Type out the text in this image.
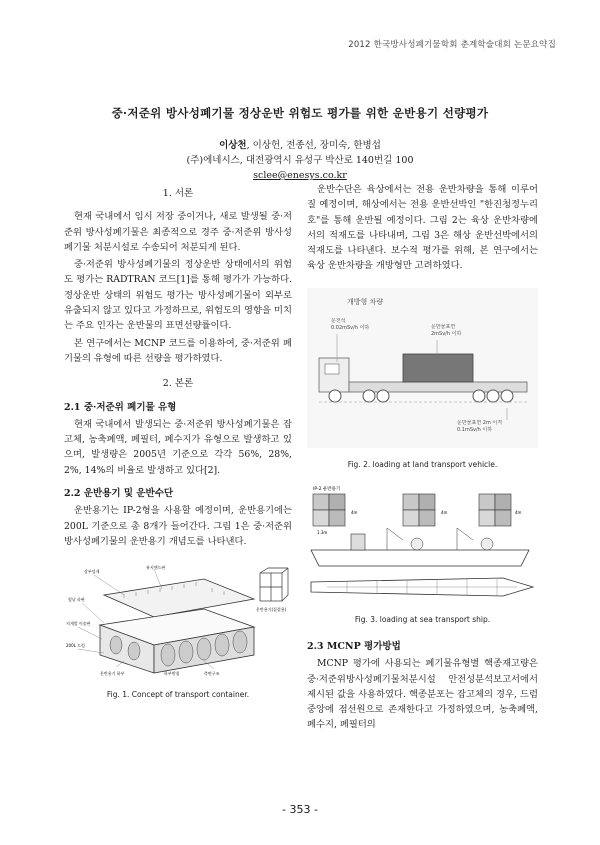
2012 한국방사성폐기물학회 춘계학술대회 논문요약집
중·저준위 방사성폐기물 정상운반 위험도 평가를 위한 운반용기 선량평가
이상천, 이상헌, 전종선, 장미숙, 한병섭
(주)에네시스, 대전광역시 유성구 박산로 140번길 100
sclee@enesys.co.kr
1. 서론

현재 국내에서 임시 저장 중이거나, 새로 발생될 중·저준위 방사성폐기물은 최종적으로 경주 중·저준위 방사성폐기물 처분시설로 수송되어 처분되게 된다.

중·저준위 방사성폐기물의 정상운반 상태에서의 위험도 평가는 RADTRAN 코드[1]를 통해 평가가 가능하다. 정상운반 상태의 위험도 평가는 방사성폐기물이 외부로 유출되지 않고 있다고 가정하므로, 위험도의 영향을 미치는 주요 인자는 운반물의 표면선량률이다.

본 연구에서는 MCNP 코드를 이용하여, 중·저준위 폐기물의 유형에 따른 선량을 평가하였다.

2. 본론
2.1 중·저준위 폐기물 유형

현재 국내에서 발생되는 중·저준위 방사성폐기물은 잡고체, 농축폐액, 폐필터, 폐수지가 유형으로 발생하고 있으며, 발생량은 2005년 기준으로 각각 56%, 28%, 2%, 14%의 비율로 발생하고 있다[2].

2.2 운반용기 및 운반수단

운반용기는 IP-2형을 사용할 예정이며, 운반용기에는 200L 기준으로 총 8개가 들어간다. 그림 1은 중·저준위 방사성폐기물의 운반용기 개념도를 나타낸다.

상부덮개
유지앤드판
옆날 파판
지게발 이송판
200L 드럼
운반용기 하부	측면구조
하부받침
운반용기(집결용)
Fig. 1. Concept of transport container.

운반수단은 육상에서는 전용 운반차량을 통해 이루어질 예정이며, 해상에서는 전용 운반선박인 "한진청정누리호"를 통해 운반될 예정이다. 그림 2는 육상 운반차량에서의 적재도를 나타내며, 그림 3은 해상 운반선박에서의 적재도를 나타낸다. 보수적 평가를 위해, 본 연구에서는 육상 운반차량을 개방형만 고려하였다.

개방형 차량
운전석
0.02mSv/h 이하	운반물표면
2mSv/h 이하
운반물표면 2m 이격
0.1mSv/h 이하
Fig. 2. loading at land transport vehicle.
IP-2 운반용기
4m	4m	4m
1.3m
Fig. 3. loading at sea transport ship.
2.3 MCNP 평가방법

MCNP 평가에 사용되는 폐기물유형별 핵종재고량은 중·저준위방사성폐기물처분시설 안전성분석보고서에서 제시된 값을 사용하였다. 핵종분포는 잡고체의 경우, 드럼 중앙에 점선원으로 존재한다고 가정하였으며, 농축폐액, 폐수지, 폐필터의

- 353 -
